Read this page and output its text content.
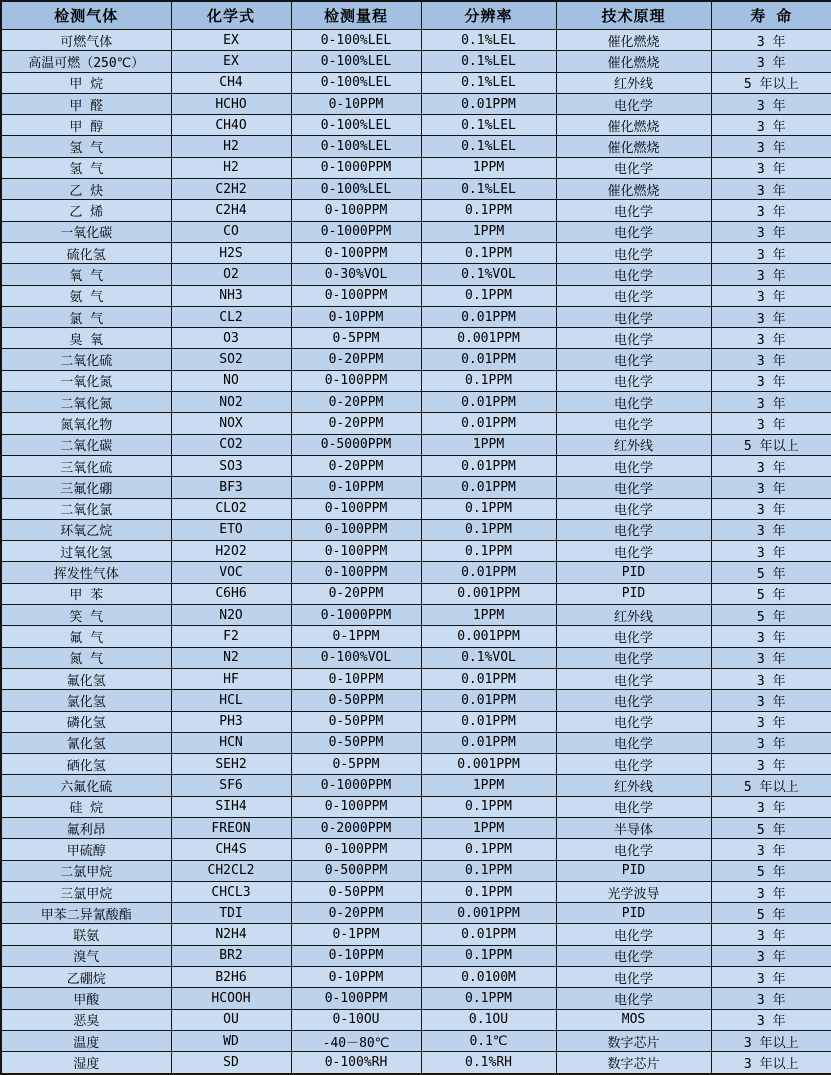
检测气体	化学式	检测量程	分辨率	技术原理	寿 命
可燃气体	EX	0-100%LEL	0.1%LEL	催化燃烧	3 年
高温可燃（250℃）	EX	0-100%LEL	0.1%LEL	催化燃烧	3 年
甲 烷	CH4	0-100%LEL	0.1%LEL	红外线	5 年以上
甲 醛	HCHO	0-10PPM	0.01PPM	电化学	3 年
甲 醇	CH4O	0-100%LEL	0.1%LEL	催化燃烧	3 年
氢 气	H2	0-100%LEL	0.1%LEL	催化燃烧	3 年
氢 气	H2	0-1000PPM	1PPM	电化学	3 年
乙 炔	C2H2	0-100%LEL	0.1%LEL	催化燃烧	3 年
乙 烯	C2H4	0-100PPM	0.1PPM	电化学	3 年
一氧化碳	CO	0-1000PPM	1PPM	电化学	3 年
硫化氢	H2S	0-100PPM	0.1PPM	电化学	3 年
氧 气	O2	0-30%VOL	0.1%VOL	电化学	3 年
氨 气	NH3	0-100PPM	0.1PPM	电化学	3 年
氯 气	CL2	0-10PPM	0.01PPM	电化学	3 年
臭 氧	O3	0-5PPM	0.001PPM	电化学	3 年
二氧化硫	SO2	0-20PPM	0.01PPM	电化学	3 年
一氧化氮	NO	0-100PPM	0.1PPM	电化学	3 年
二氧化氮	NO2	0-20PPM	0.01PPM	电化学	3 年
氮氧化物	NOX	0-20PPM	0.01PPM	电化学	3 年
二氧化碳	CO2	0-5000PPM	1PPM	红外线	5 年以上
三氧化硫	SO3	0-20PPM	0.01PPM	电化学	3 年
三氟化硼	BF3	0-10PPM	0.01PPM	电化学	3 年
二氧化氯	CLO2	0-100PPM	0.1PPM	电化学	3 年
环氧乙烷	ETO	0-100PPM	0.1PPM	电化学	3 年
过氧化氢	H2O2	0-100PPM	0.1PPM	电化学	3 年
挥发性气体	VOC	0-100PPM	0.01PPM	PID	5 年
甲 苯	C6H6	0-20PPM	0.001PPM	PID	5 年
笑 气	N2O	0-1000PPM	1PPM	红外线	5 年
氟 气	F2	0-1PPM	0.001PPM	电化学	3 年
氮 气	N2	0-100%VOL	0.1%VOL	电化学	3 年
氟化氢	HF	0-10PPM	0.01PPM	电化学	3 年
氯化氢	HCL	0-50PPM	0.01PPM	电化学	3 年
磷化氢	PH3	0-50PPM	0.01PPM	电化学	3 年
氰化氢	HCN	0-50PPM	0.01PPM	电化学	3 年
硒化氢	SEH2	0-5PPM	0.001PPM	电化学	3 年
六氟化硫	SF6	0-1000PPM	1PPM	红外线	5 年以上
硅 烷	SIH4	0-100PPM	0.1PPM	电化学	3 年
氟利昂	FREON	0-2000PPM	1PPM	半导体	5 年
甲硫醇	CH4S	0-100PPM	0.1PPM	电化学	3 年
二氯甲烷	CH2CL2	0-500PPM	0.1PPM	PID	5 年
三氯甲烷	CHCL3	0-50PPM	0.1PPM	光学波导	3 年
甲苯二异氰酸酯	TDI	0-20PPM	0.001PPM	PID	5 年
联氨	N2H4	0-1PPM	0.01PPM	电化学	3 年
溴气	BR2	0-10PPM	0.1PPM	电化学	3 年
乙硼烷	B2H6	0-10PPM	0.0100M	电化学	3 年
甲酸	HCOOH	0-100PPM	0.1PPM	电化学	3 年
恶臭	OU	0-10OU	0.1OU	MOS	3 年
温度	WD	-40－80℃	0.1℃	数字芯片	3 年以上
湿度	SD	0-100%RH	0.1%RH	数字芯片	3 年以上
